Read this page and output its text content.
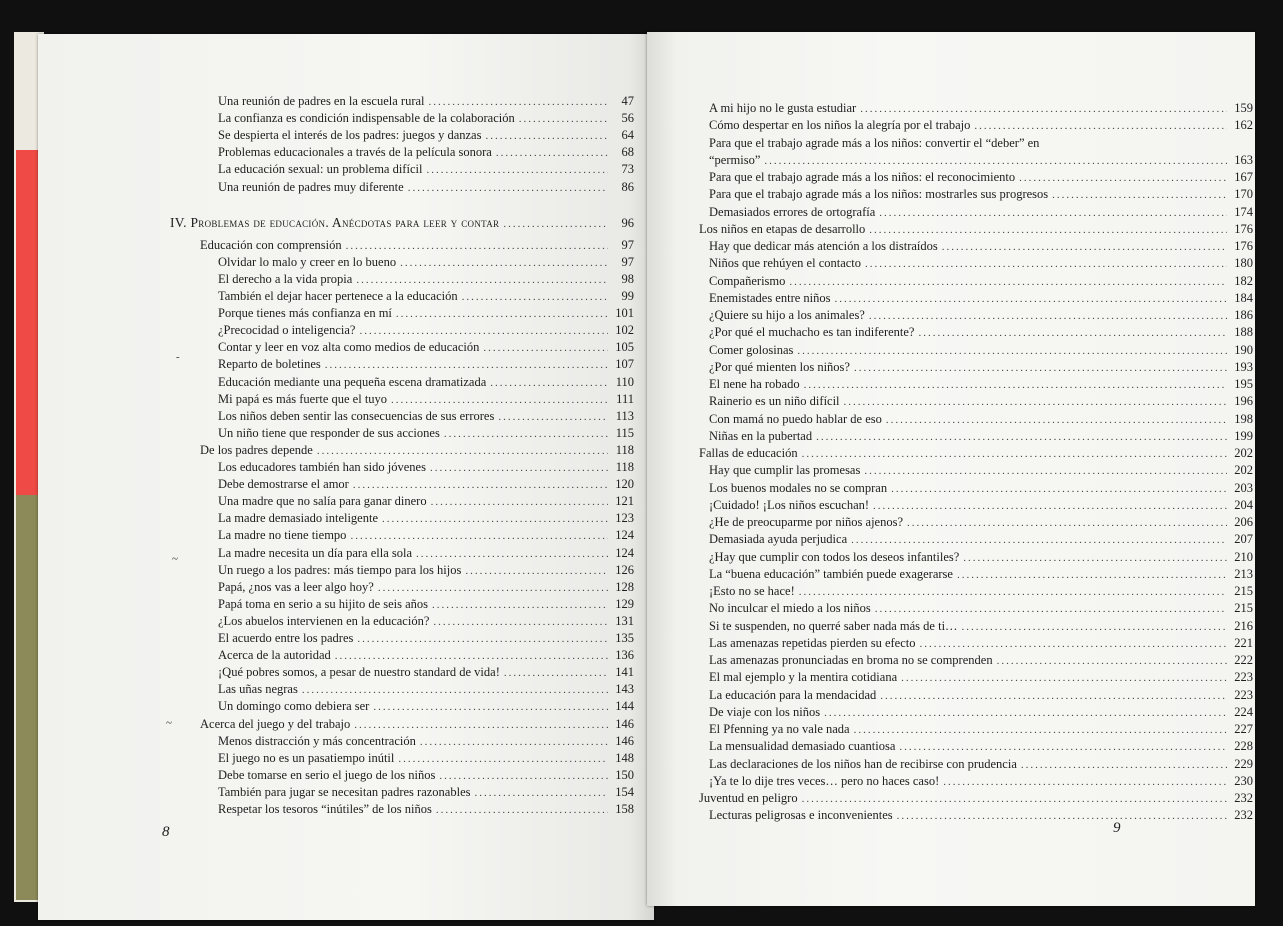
Una reunión de padres en la escuela rural .....	47
La confianza es condición indispensable de la colaboración .....	56
Se despierta el interés de los padres: juegos y danzas .....	64
Problemas educacionales a través de la película sonora .....	68
La educación sexual: un problema difícil .....	73
Una reunión de padres muy diferente .....	86
IV. Problemas de educación. Anécdotas para leer y contar .....	96
Educación con comprensión .....	97
Olvidar lo malo y creer en lo bueno .....	97
El derecho a la vida propia .....	98
También el dejar hacer pertenece a la educación .....	99
Porque tienes más confianza en mí .....	101
¿Precocidad o inteligencia? .....	102
Contar y leer en voz alta como medios de educación .....	105
Reparto de boletines .....	107
Educación mediante una pequeña escena dramatizada .....	110
Mi papá es más fuerte que el tuyo .....	111
Los niños deben sentir las consecuencias de sus errores .....	113
Un niño tiene que responder de sus acciones .....	115
De los padres depende .....	118
Los educadores también han sido jóvenes .....	118
Debe demostrarse el amor .....	120
Una madre que no salía para ganar dinero .....	121
La madre demasiado inteligente .....	123
La madre no tiene tiempo .....	124
La madre necesita un día para ella sola .....	124
Un ruego a los padres: más tiempo para los hijos .....	126
Papá, ¿nos vas a leer algo hoy? .....	128
Papá toma en serio a su hijito de seis años .....	129
¿Los abuelos intervienen en la educación? .....	131
El acuerdo entre los padres .....	135
Acerca de la autoridad .....	136
¡Qué pobres somos, a pesar de nuestro standard de vida! .....	141
Las uñas negras .....	143
Un domingo como debiera ser .....	144
Acerca del juego y del trabajo .....	146
Menos distracción y más concentración .....	146
El juego no es un pasatiempo inútil .....	148
Debe tomarse en serio el juego de los niños .....	150
También para jugar se necesitan padres razonables .....	154
Respetar los tesoros “inútiles” de los niños .....	158
-
~
~
8
A mi hijo no le gusta estudiar .....	159
Cómo despertar en los niños la alegría por el trabajo .....	162
Para que el trabajo agrade más a los niños: convertir el “deber” en
“permiso” .....	163
Para que el trabajo agrade más a los niños: el reconocimiento .....	167
Para que el trabajo agrade más a los niños: mostrarles sus progresos .....	170
Demasiados errores de ortografía .....	174
Los niños en etapas de desarrollo .....	176
Hay que dedicar más atención a los distraídos .....	176
Niños que rehúyen el contacto .....	180
Compañerismo .....	182
Enemistades entre niños .....	184
¿Quiere su hijo a los animales? .....	186
¿Por qué el muchacho es tan indiferente? .....	188
Comer golosinas .....	190
¿Por qué mienten los niños? .....	193
El nene ha robado .....	195
Rainerio es un niño difícil .....	196
Con mamá no puedo hablar de eso .....	198
Niñas en la pubertad .....	199
Fallas de educación .....	202
Hay que cumplir las promesas .....	202
Los buenos modales no se compran .....	203
¡Cuidado! ¡Los niños escuchan! .....	204
¿He de preocuparme por niños ajenos? .....	206
Demasiada ayuda perjudica .....	207
¿Hay que cumplir con todos los deseos infantiles? .....	210
La “buena educación” también puede exagerarse .....	213
¡Esto no se hace! .....	215
No inculcar el miedo a los niños .....	215
Si te suspenden, no querré saber nada más de ti… .....	216
Las amenazas repetidas pierden su efecto .....	221
Las amenazas pronunciadas en broma no se comprenden .....	222
El mal ejemplo y la mentira cotidiana .....	223
La educación para la mendacidad .....	223
De viaje con los niños .....	224
El Pfenning ya no vale nada .....	227
La mensualidad demasiado cuantiosa .....	228
Las declaraciones de los niños han de recibirse con prudencia .....	229
¡Ya te lo dije tres veces… pero no haces caso! .....	230
Juventud en peligro .....	232
Lecturas peligrosas e inconvenientes .....	232
9
